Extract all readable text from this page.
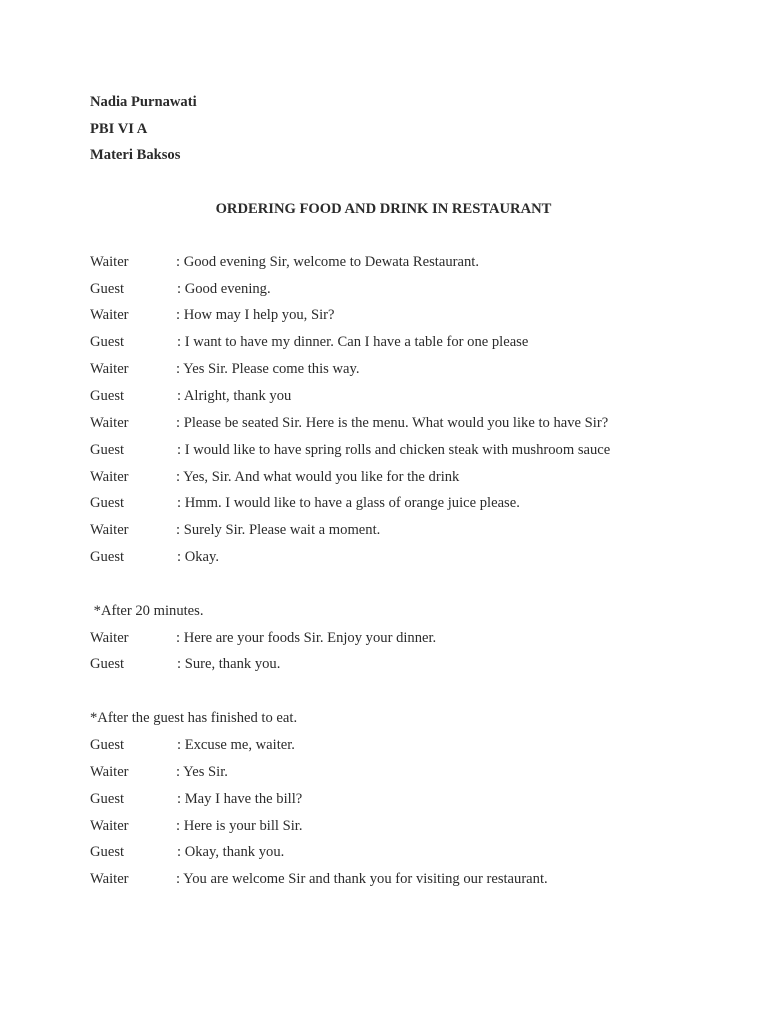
Nadia Purnawati
PBI VI A
Materi Baksos
ORDERING FOOD AND DRINK IN RESTAURANT
Waiter	: Good evening Sir, welcome to Dewata Restaurant.
Guest	: Good evening.
Waiter	: How may I help you, Sir?
Guest	: I want to have my dinner. Can I have a table for one please
Waiter	: Yes Sir. Please come this way.
Guest	: Alright, thank you
Waiter	: Please be seated Sir. Here is the menu. What would you like to have Sir?
Guest	: I would like to have spring rolls and chicken steak with mushroom sauce
Waiter	: Yes, Sir. And what would you like for the drink
Guest	: Hmm. I would like to have a glass of orange juice please.
Waiter	: Surely Sir. Please wait a moment.
Guest	: Okay.
*After 20 minutes.
Waiter	: Here are your foods Sir. Enjoy your dinner.
Guest	: Sure, thank you.
*After the guest has finished to eat.
Guest	: Excuse me, waiter.
Waiter	: Yes Sir.
Guest	: May I have the bill?
Waiter	: Here is your bill Sir.
Guest	: Okay, thank you.
Waiter	: You are welcome Sir and thank you for visiting our restaurant.
